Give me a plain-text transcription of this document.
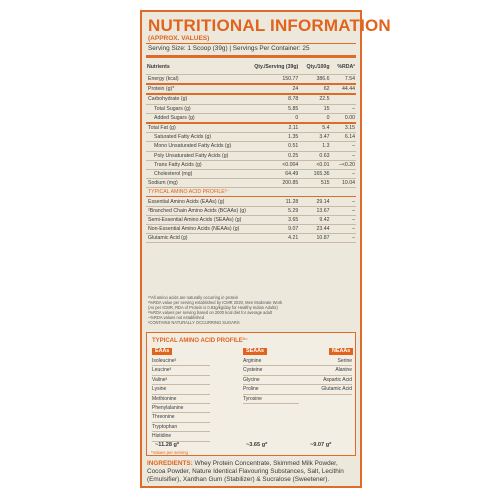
NUTRITIONAL INFORMATION
(APPROX. VALUES)
Serving Size: 1 Scoop (39g) | Servings Per Container: 25
Nutrients	Qty./Serving (39g)	Qty./100g	%RDA²
Energy (kcal)	150.77	386.6	7.54
Protein (g)*	24	62	44.44
Carbohydrate (g)	8.78	22.5	
Total Sugars (g)	5.85	15	–
Added Sugars (g)	0	0	0.00
Total Fat (g)	2.11	5.4	3.15
Saturated Fatty Acids (g)	1.35	3.47	6.14
Mono Unsaturated Fatty Acids (g)	0.51	1.3	–
Poly Unsaturated Fatty Acids (g)	0.25	0.63	–
Trans Fatty Acids (g)	<0.004	<0.01	–<0.20
Cholesterol (mg)	64.49	165.36	–
Sodium (mg)	200.85	515	10.04
TYPICAL AMINO ACID PROFILE³⁻			
Essential Amino Acids (EAAs) (g)	11.28	29.14	–
²Branched Chain Amino Acids (BCAAs) (g)	5.29	13.67	–
Semi-Essential Amino Acids (SEAAs) (g)	3.65	9.42	–
Non-Essential Amino Acids (NEAAs) (g)	9.07	23.44	–
Glutamic Acid (g)	4.21	10.87	–
³*All amino acids are naturally occurring in protein
²%RDA value per serving established by ICMR 2020, Men Moderate Work
(As per ICMR, RDA of Protein is 0.83g/kg/day for Healthy Indian Adults)
²%RDA values per serving based on 2000 kcal diet for average adult
–%RDA values not established
¹CONTAINS NATURALLY OCCURRING SUGARS
TYPICAL AMINO ACID PROFILE³⁻
EAAs
Isoleucine³
Leucine³
Valine³
Lysine
Methionine
Phenylalanine
Threonine
Tryptophan
Histidine
~11.28 g*
SEAAs
Arginine
Cysteine
Glycine
Proline
Tyrosine
~3.65 g*
NEAAs
Serine
Alanine
Aspartic Acid
Glutamic Acid
~9.07 g*
*Values per serving
INGREDIENTS: Whey Protein Concentrate, Skimmed Milk Powder, Cocoa Powder, Nature Identical Flavouring Substances, Salt, Lecithin (Emulsifier), Xanthan Gum (Stabilizer) & Sucralose (Sweetener).
